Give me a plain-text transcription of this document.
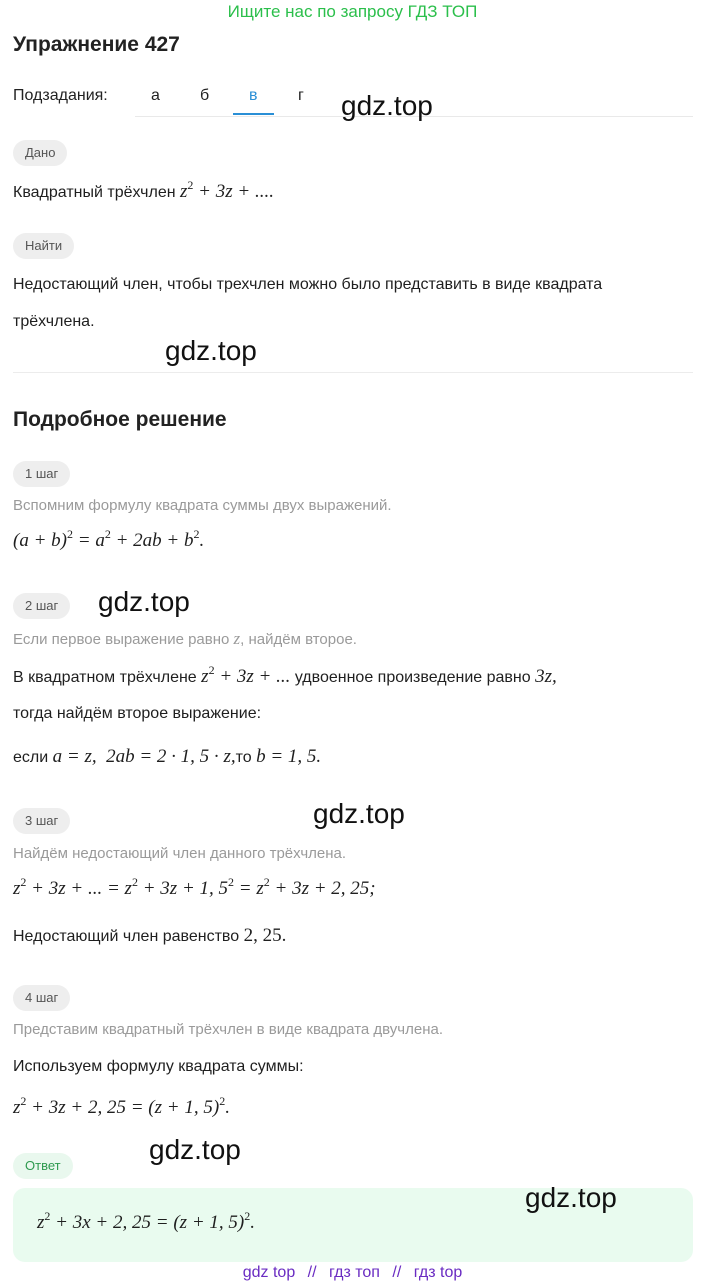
Ищите нас по запросу ГДЗ ТОП
Упражнение 427
Подзадания:	а	б в	г
Дано
Квадратный трёхчлен $z^2 + 3z$ + ....
Найти
Недостающий член, чтобы трехчлен можно было представить в виде квадрата
трёхчлена.
Подробное решение
1 шаг
Вспомним формулу квадрата суммы двух выражений.
$(a + b)^2 = a^2 + 2ab + b^2$.
2 шаг
Если первое выражение равно z, найдём второе.
В квадратном трёхчлене $z^2 + 3z$ + ... удвоенное произведение равно 3z,
тогда найдём второе выражение:
если a = z, 2ab = 2 · 1, 5 · z,то b = 1, 5.
3 шаг
Найдём недостающий член данного трёхчлена.
$z^2 + 3z$ + ... = $z^2 + 3z + 1$, $5^2 = z^2 + 3z + 2$, 25;
Недостающий член равенство 2, 25.
4 шаг
Представим квадратный трёхчлен в виде квадрата двучлена.
Используем формулу квадрата суммы:
$z^2 + 3z + 2$, 25 = (z + 1, 5)$^2$.
Ответ
$z^2 + 3x + 2$, 25 = (z + 1, 5)$^2$.
gdz.top
gdz.top
gdz.top
gdz.top
gdz.top
gdz.top
gdz top // гдз топ // гдз top
